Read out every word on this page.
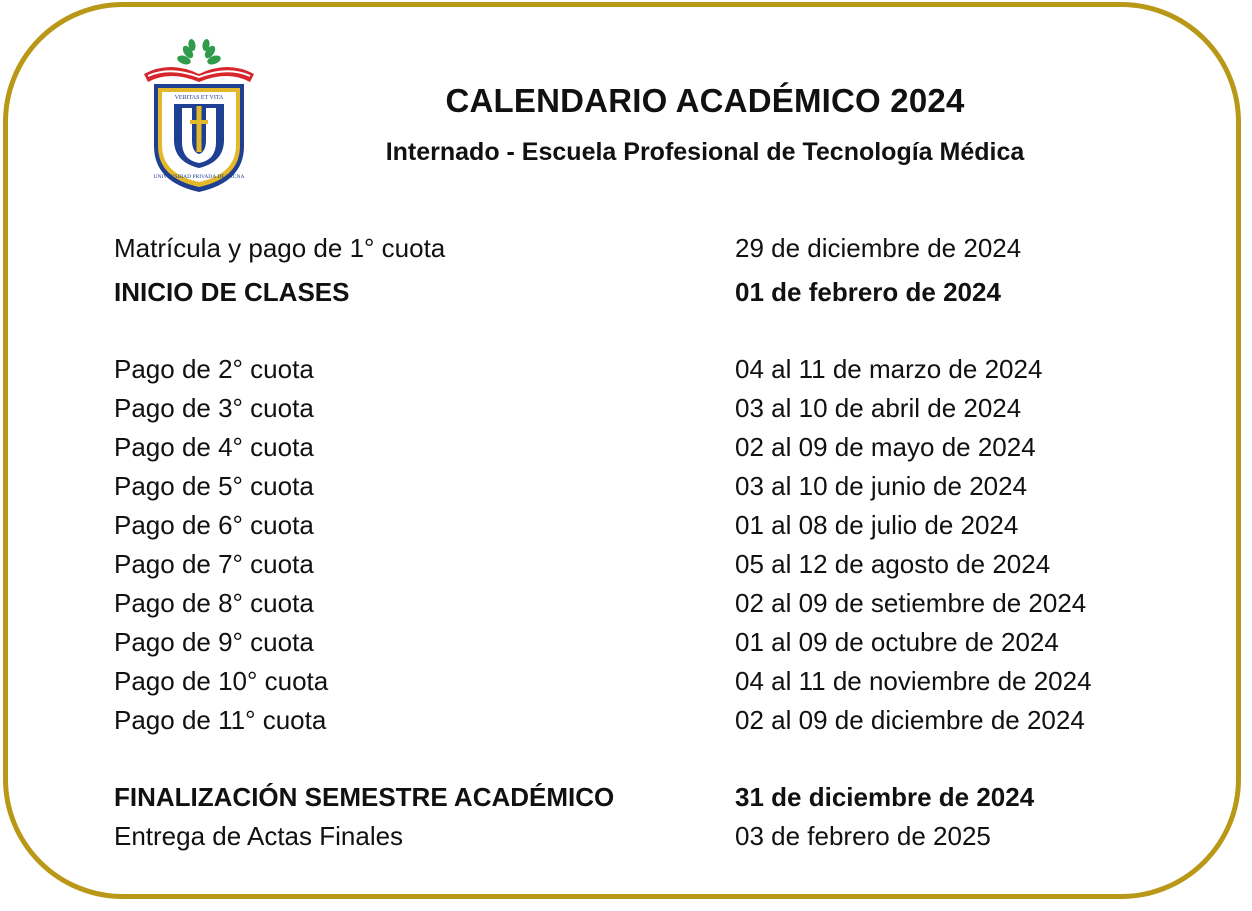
VERITAS ET VITA
UNIVERSIDAD PRIVADA DE TACNA
CALENDARIO ACADÉMICO 2024
Internado - Escuela Profesional de Tecnología Médica
Matrícula y pago de 1° cuota	29 de diciembre de 2024
INICIO DE CLASES	01 de febrero de 2024
Pago de 2° cuota	04 al 11 de marzo de 2024
Pago de 3° cuota	03 al 10 de abril de 2024
Pago de 4° cuota	02 al 09 de mayo de 2024
Pago de 5° cuota	03 al 10 de junio de 2024
Pago de 6° cuota	01 al 08 de julio de 2024
Pago de 7° cuota	05 al 12 de agosto de 2024
Pago de 8° cuota	02 al 09 de setiembre de 2024
Pago de 9° cuota	01 al 09 de octubre de 2024
Pago de 10° cuota	04 al 11 de noviembre de 2024
Pago de 11° cuota	02 al 09 de diciembre de 2024
FINALIZACIÓN SEMESTRE ACADÉMICO	31 de diciembre de 2024
Entrega de Actas Finales	03 de febrero de 2025
